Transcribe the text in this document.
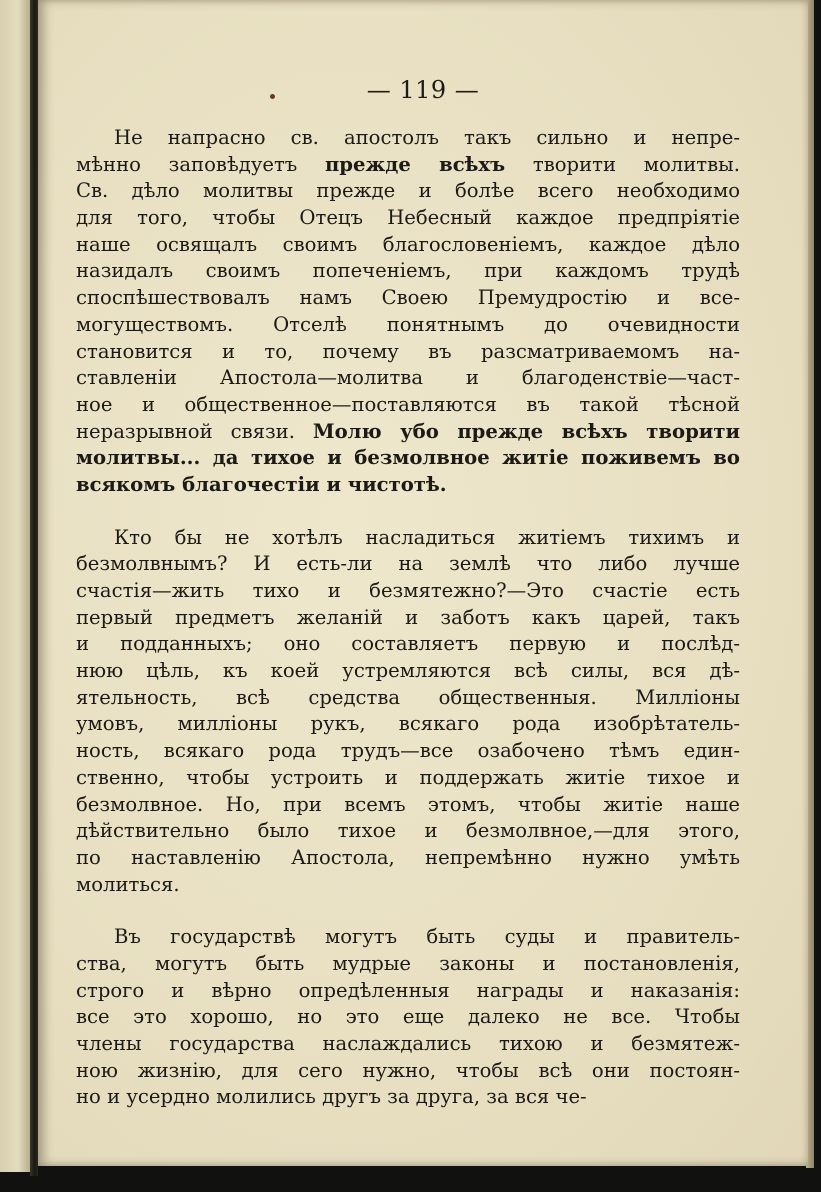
— 119 —
Не напрасно св. апостолъ такъ сильно и непре-
мѣнно заповѣдуетъ прежде всѣхъ творити молитвы.
Св. дѣло молитвы прежде и болѣе всего необходимо
для того, чтобы Отецъ Небесный каждое предпріятіе
наше освящалъ своимъ благословеніемъ, каждое дѣло
назидалъ своимъ попеченіемъ, при каждомъ трудѣ
споспѣшествовалъ намъ Своею Премудростію и все-
могуществомъ. Отселѣ понятнымъ до очевидности
становится и то, почему въ разсматриваемомъ на-
ставленіи Апостола—молитва и благоденствіе—част-
ное и общественное—поставляются въ такой тѣсной
неразрывной связи. Молю убо прежде всѣхъ творити
молитвы... да тихое и безмолвное житіе поживемъ во
всякомъ благочестіи и чистотѣ.
Кто бы не хотѣлъ насладиться житіемъ тихимъ и
безмолвнымъ? И есть-ли на землѣ что либо лучше
счастія—жить тихо и безмятежно?—Это счастіе есть
первый предметъ желаній и заботъ какъ царей, такъ
и подданныхъ; оно составляетъ первую и послѣд-
нюю цѣль, къ коей устремляются всѣ силы, вся дѣ-
ятельность, всѣ средства общественныя. Милліоны
умовъ, милліоны рукъ, всякаго рода изобрѣтатель-
ность, всякаго рода трудъ—все озабочено тѣмъ един-
ственно, чтобы устроить и поддержать житіе тихое и
безмолвное. Но, при всемъ этомъ, чтобы житіе наше
дѣйствительно было тихое и безмолвное,—для этого,
по наставленію Апостола, непремѣнно нужно умѣть
молиться.
Въ государствѣ могутъ быть суды и правитель-
ства, могутъ быть мудрые законы и постановленія,
строго и вѣрно опредѣленныя награды и наказанія:
все это хорошо, но это еще далеко не все. Чтобы
члены государства наслаждались тихою и безмятеж-
ною жизнію, для сего нужно, чтобы всѣ они постоян-
но и усердно молились другъ за друга, за вся че-
